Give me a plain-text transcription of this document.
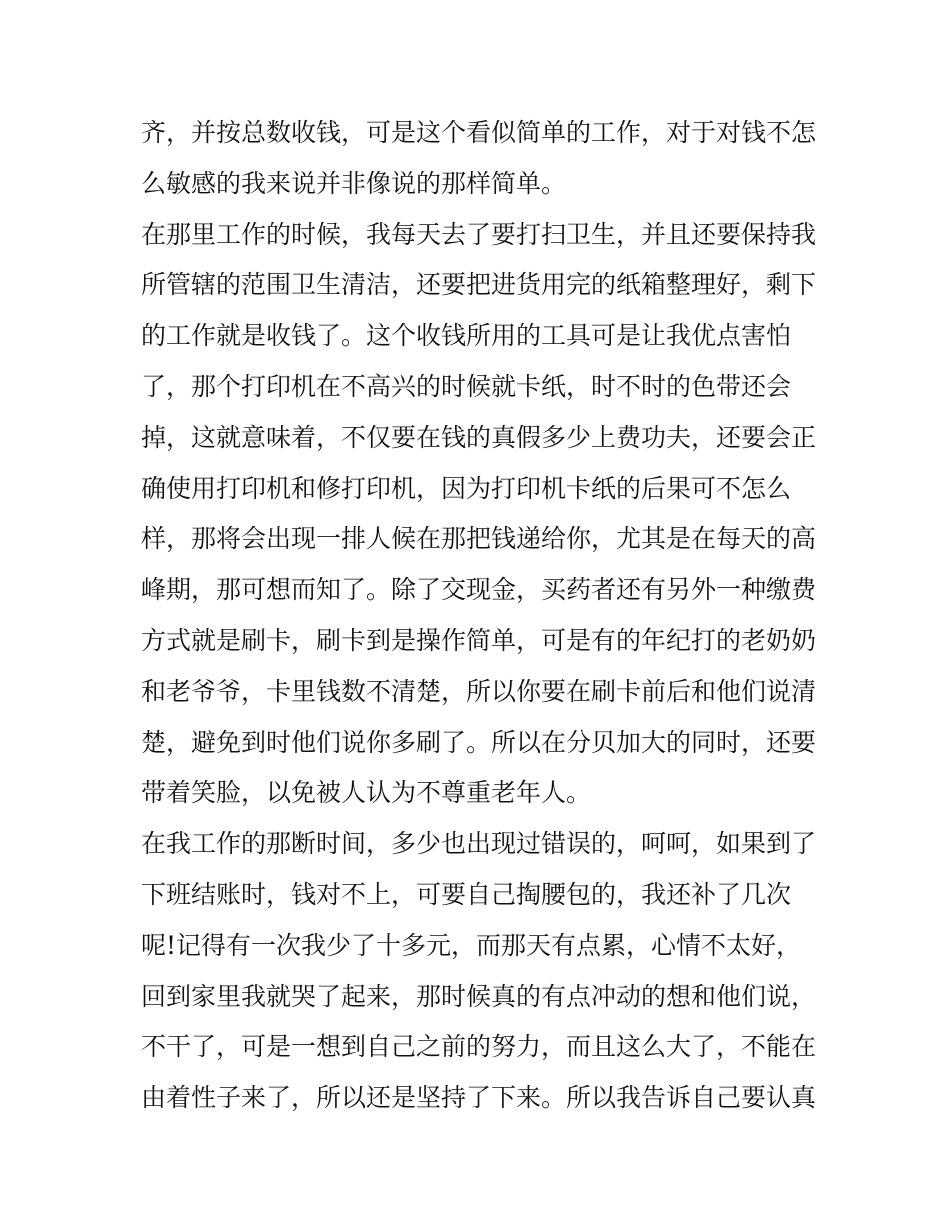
齐，并按总数收钱，可是这个看似简单的工作，对于对钱不怎
么敏感的我来说并非像说的那样简单。
在那里工作的时候，我每天去了要打扫卫生，并且还要保持我
所管辖的范围卫生清洁，还要把进货用完的纸箱整理好，剩下
的工作就是收钱了。这个收钱所用的工具可是让我优点害怕
了，那个打印机在不高兴的时候就卡纸，时不时的色带还会
掉，这就意味着，不仅要在钱的真假多少上费功夫，还要会正
确使用打印机和修打印机，因为打印机卡纸的后果可不怎么
样，那将会出现一排人候在那把钱递给你，尤其是在每天的高
峰期，那可想而知了。除了交现金，买药者还有另外一种缴费
方式就是刷卡，刷卡到是操作简单，可是有的年纪打的老奶奶
和老爷爷，卡里钱数不清楚，所以你要在刷卡前后和他们说清
楚，避免到时他们说你多刷了。所以在分贝加大的同时，还要
带着笑脸，以免被人认为不尊重老年人。
在我工作的那断时间，多少也出现过错误的，呵呵，如果到了
下班结账时，钱对不上，可要自己掏腰包的，我还补了几次
呢!记得有一次我少了十多元，而那天有点累，心情不太好，
回到家里我就哭了起来，那时候真的有点冲动的想和他们说，
不干了，可是一想到自己之前的努力，而且这么大了，不能在
由着性子来了，所以还是坚持了下来。所以我告诉自己要认真
